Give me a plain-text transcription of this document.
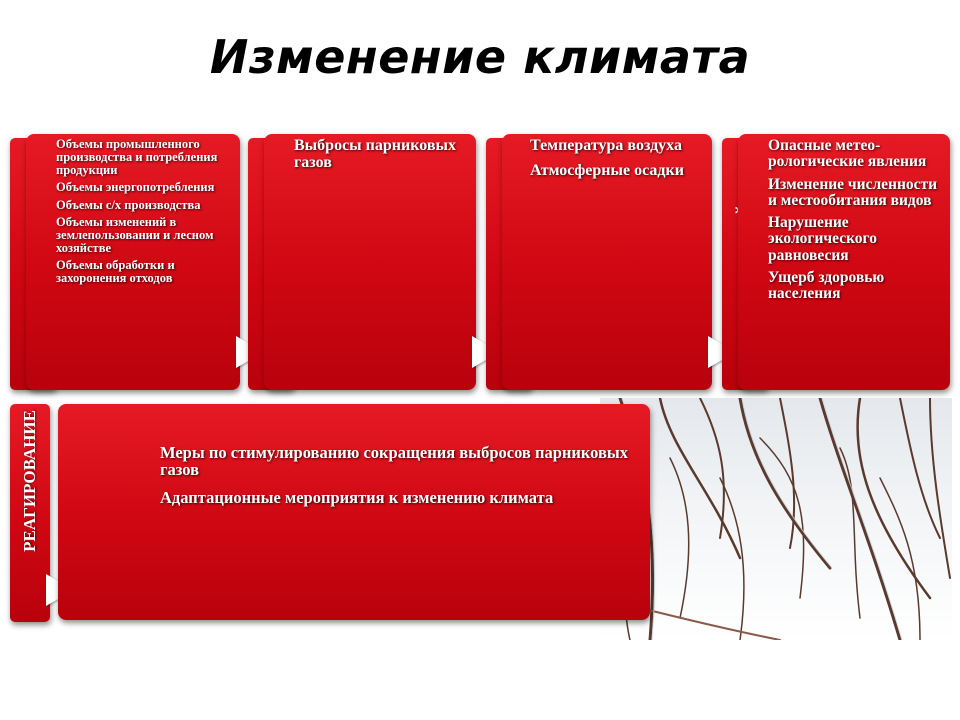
Изменение климата
Объемы промышленного производства и потребления продукции
Объемы энергопотребления
Объемы с/х производства
Объемы изменений в землепользовании и лесном хозяйстве
Объемы обработки и захоронения отходов
Выбросы парниковых газов
Температура воздуха
Атмосферные осадки
Опасные метео-рологические явления
Изменение численности и местообитания видов
Нарушение экологического равновесия
Ущерб здоровью населения
РЕАГИРОВАНИЕ	Меры по стимулированию сокращения выбросов парниковых газов
Адаптационные мероприятия к изменению климата
